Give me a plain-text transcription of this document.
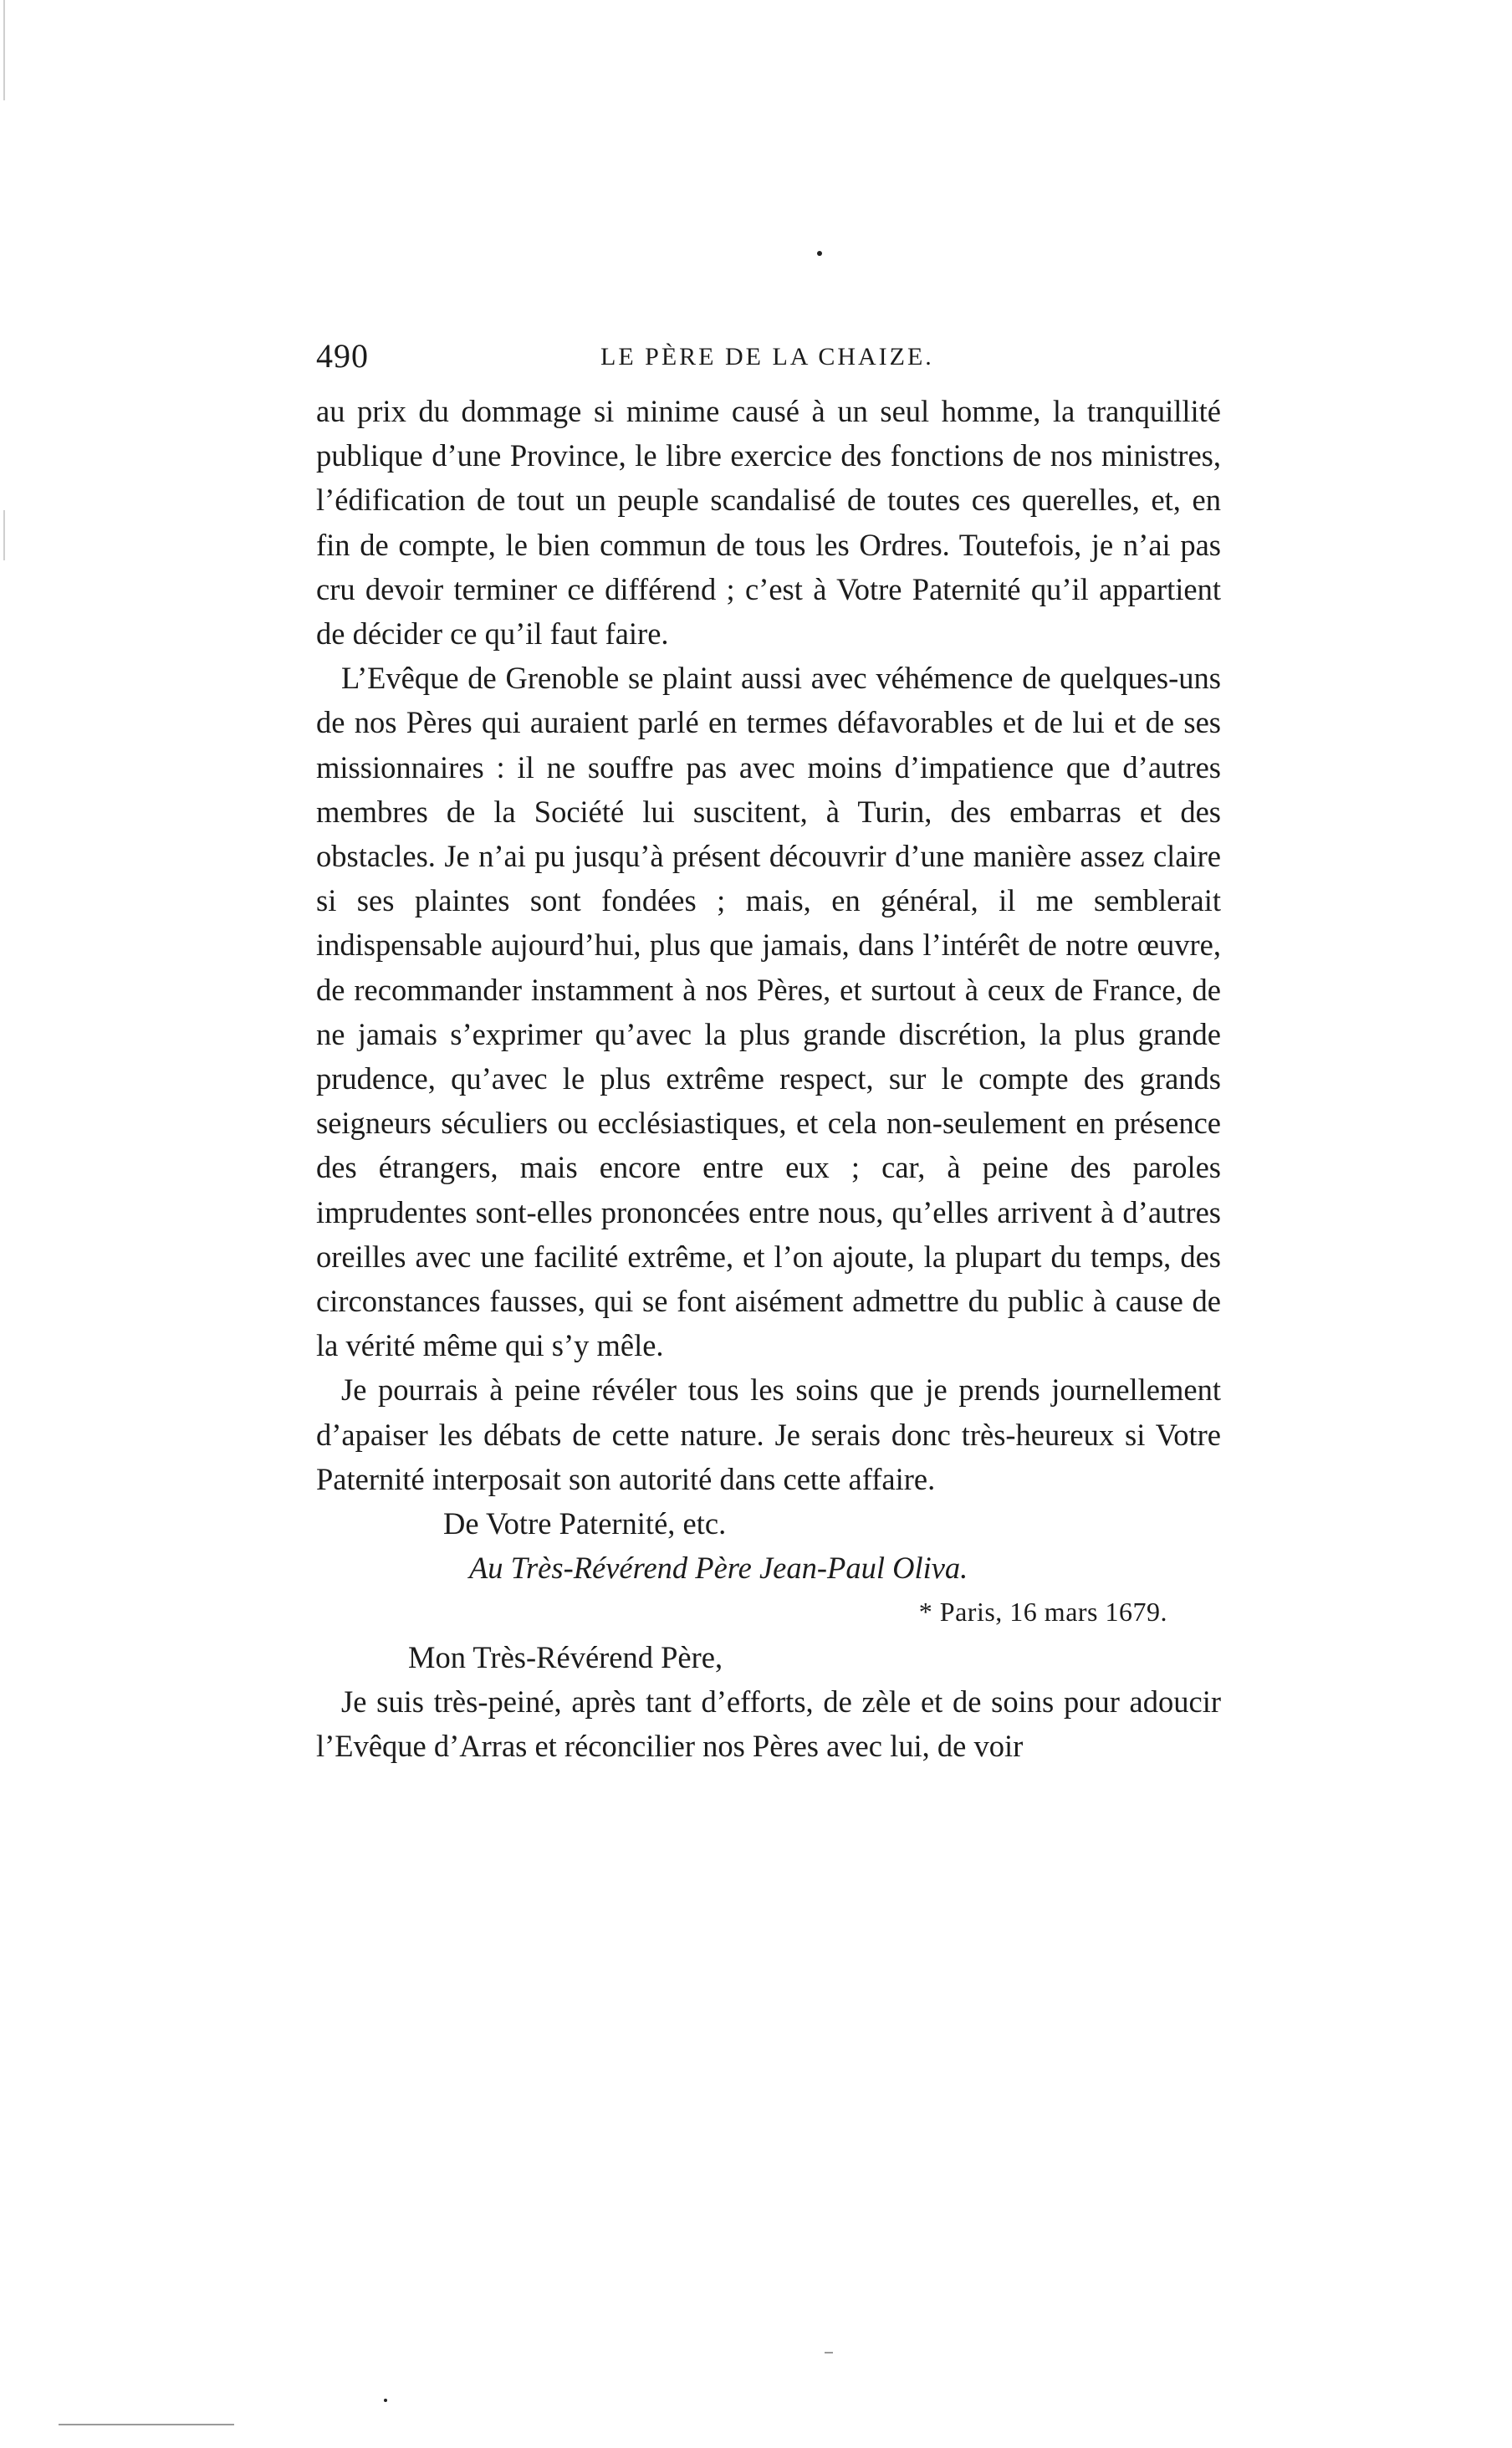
490	LE PÈRE DE LA CHAIZE.

au prix du dommage si minime causé à un seul homme, la tranquillité publique d’une Province, le libre exercice des fonctions de nos ministres, l’édification de tout un peuple scandalisé de toutes ces querelles, et, en fin de compte, le bien commun de tous les Ordres. Toutefois, je n’ai pas cru devoir terminer ce différend ; c’est à Votre Paternité qu’il appartient de décider ce qu’il faut faire.

L’Evêque de Grenoble se plaint aussi avec véhémence de quelques-uns de nos Pères qui auraient parlé en termes défavorables et de lui et de ses missionnaires : il ne souffre pas avec moins d’impatience que d’autres membres de la Société lui suscitent, à Turin, des embarras et des obstacles. Je n’ai pu jusqu’à présent découvrir d’une manière assez claire si ses plaintes sont fondées ; mais, en général, il me semblerait indispensable aujourd’hui, plus que jamais, dans l’intérêt de notre œuvre, de recommander instamment à nos Pères, et surtout à ceux de France, de ne jamais s’exprimer qu’avec la plus grande discrétion, la plus grande prudence, qu’avec le plus extrême respect, sur le compte des grands seigneurs séculiers ou ecclésiastiques, et cela non-seulement en présence des étrangers, mais encore entre eux ; car, à peine des paroles imprudentes sont-elles prononcées entre nous, qu’elles arrivent à d’autres oreilles avec une facilité extrême, et l’on ajoute, la plupart du temps, des circonstances fausses, qui se font aisément admettre du public à cause de la vérité même qui s’y mêle.

Je pourrais à peine révéler tous les soins que je prends journellement d’apaiser les débats de cette nature. Je serais donc très-heureux si Votre Paternité interposait son autorité dans cette affaire.

De Votre Paternité, etc.

Au Très-Révérend Père Jean-Paul Oliva.

* Paris, 16 mars 1679.

Mon Très-Révérend Père,

Je suis très-peiné, après tant d’efforts, de zèle et de soins pour adoucir l’Evêque d’Arras et réconcilier nos Pères avec lui, de voir
